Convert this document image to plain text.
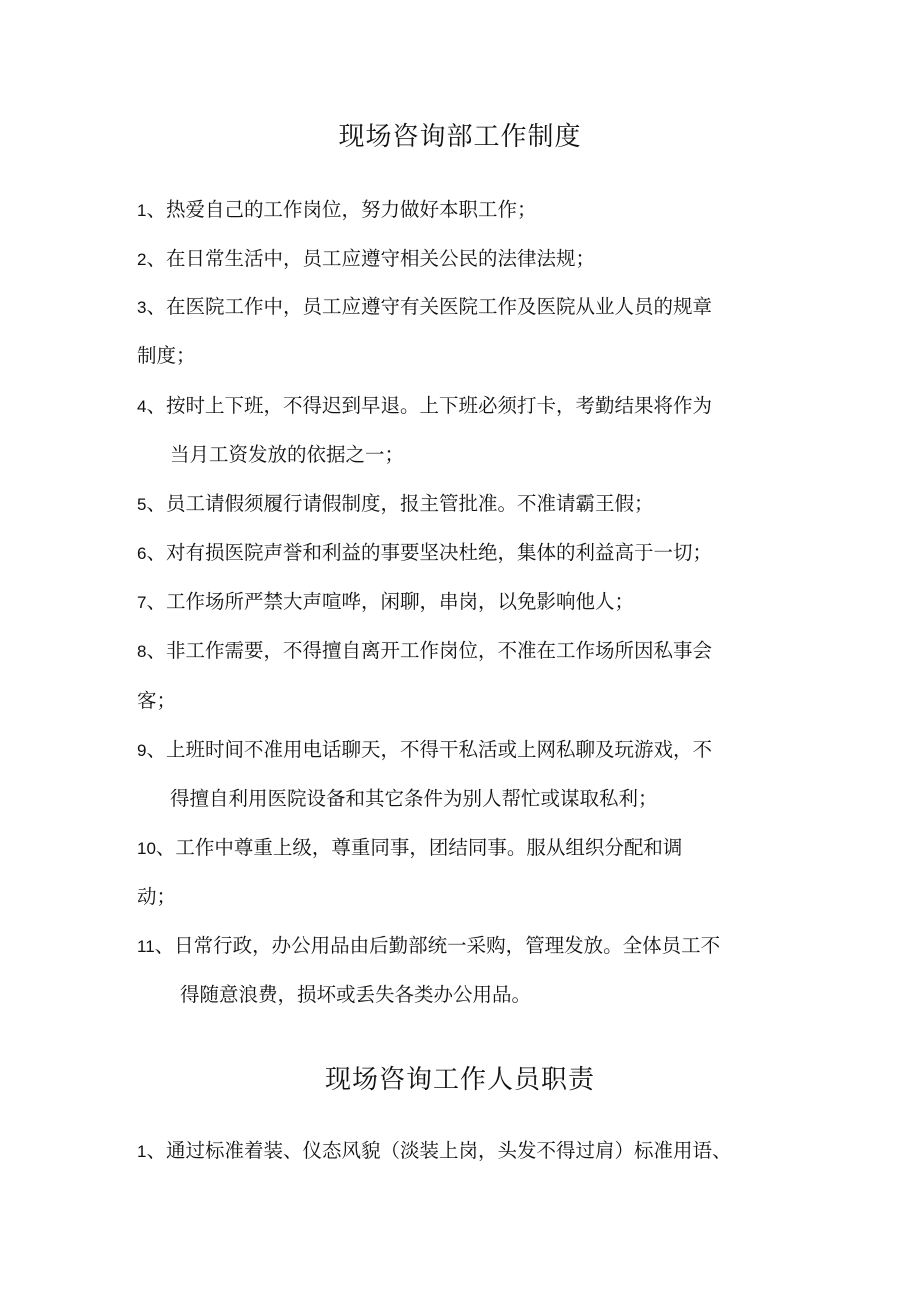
现场咨询部工作制度
1、热爱自己的工作岗位，努力做好本职工作；
2、在日常生活中，员工应遵守相关公民的法律法规；
3、在医院工作中，员工应遵守有关医院工作及医院从业人员的规章
制度；
4、按时上下班，不得迟到早退。上下班必须打卡，考勤结果将作为
当月工资发放的依据之一；
5、员工请假须履行请假制度，报主管批准。不准请霸王假；
6、对有损医院声誉和利益的事要坚决杜绝，集体的利益高于一切；
7、工作场所严禁大声喧哗，闲聊，串岗，以免影响他人；
8、非工作需要，不得擅自离开工作岗位，不准在工作场所因私事会
客；
9、上班时间不准用电话聊天，不得干私活或上网私聊及玩游戏，不
得擅自利用医院设备和其它条件为别人帮忙或谋取私利；
10、工作中尊重上级，尊重同事，团结同事。服从组织分配和调
动；
11、日常行政，办公用品由后勤部统一采购，管理发放。全体员工不
得随意浪费，损坏或丢失各类办公用品。
现场咨询工作人员职责
1、通过标准着装、仪态风貌（淡装上岗，头发不得过肩）标准用语、
